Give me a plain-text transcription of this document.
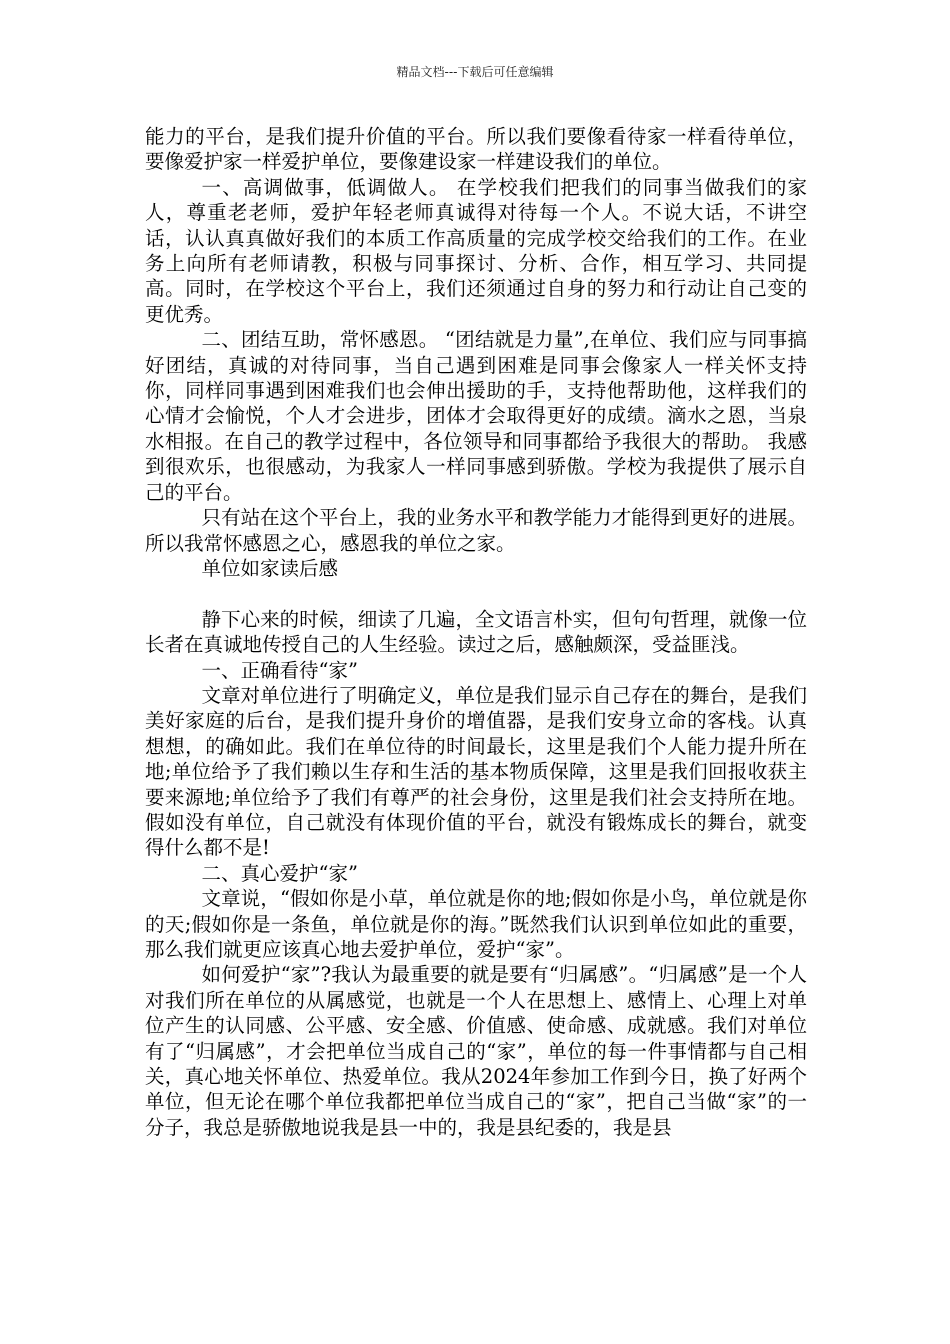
精品文档---下载后可任意编辑

能力的平台，是我们提升价值的平台。所以我们要像看待家一样看待单位，要像爱护家一样爱护单位，要像建设家一样建设我们的单位。

一、高调做事，低调做人。 在学校我们把我们的同事当做我们的家人，尊重老老师，爱护年轻老师真诚得对待每一个人。不说大话，不讲空话，认认真真做好我们的本质工作高质量的完成学校交给我们的工作。在业务上向所有老师请教，积极与同事探讨、分析、合作，相互学习、共同提高。同时，在学校这个平台上，我们还须通过自身的努力和行动让自己变的更优秀。

二、团结互助，常怀感恩。 “团结就是力量”,在单位、我们应与同事搞好团结，真诚的对待同事，当自己遇到困难是同事会像家人一样关怀支持你，同样同事遇到困难我们也会伸出援助的手，支持他帮助他，这样我们的心情才会愉悦，个人才会进步，团体才会取得更好的成绩。滴水之恩，当泉水相报。在自己的教学过程中，各位领导和同事都给予我很大的帮助。 我感到很欢乐，也很感动，为我家人一样同事感到骄傲。学校为我提供了展示自己的平台。

只有站在这个平台上，我的业务水平和教学能力才能得到更好的进展。所以我常怀感恩之心，感恩我的单位之家。

单位如家读后感

静下心来的时候，细读了几遍，全文语言朴实，但句句哲理，就像一位长者在真诚地传授自己的人生经验。读过之后，感触颇深，受益匪浅。

一、正确看待“家”

文章对单位进行了明确定义，单位是我们显示自己存在的舞台，是我们美好家庭的后台，是我们提升身价的增值器，是我们安身立命的客栈。认真想想，的确如此。我们在单位待的时间最长，这里是我们个人能力提升所在地;单位给予了我们赖以生存和生活的基本物质保障，这里是我们回报收获主要来源地;单位给予了我们有尊严的社会身份，这里是我们社会支持所在地。假如没有单位，自己就没有体现价值的平台，就没有锻炼成长的舞台，就变得什么都不是!

二、真心爱护“家”

文章说，“假如你是小草，单位就是你的地;假如你是小鸟，单位就是你的天;假如你是一条鱼，单位就是你的海。”既然我们认识到单位如此的重要，那么我们就更应该真心地去爱护单位，爱护“家”。

如何爱护“家”?我认为最重要的就是要有“归属感”。“归属感”是一个人对我们所在单位的从属感觉，也就是一个人在思想上、感情上、心理上对单位产生的认同感、公平感、安全感、价值感、使命感、成就感。我们对单位有了“归属感”，才会把单位当成自己的“家”，单位的每一件事情都与自己相关，真心地关怀单位、热爱单位。我从2024年参加工作到今日，换了好两个单位，但无论在哪个单位我都把单位当成自己的“家”，把自己当做“家”的一分子，我总是骄傲地说我是县一中的，我是县纪委的，我是县
